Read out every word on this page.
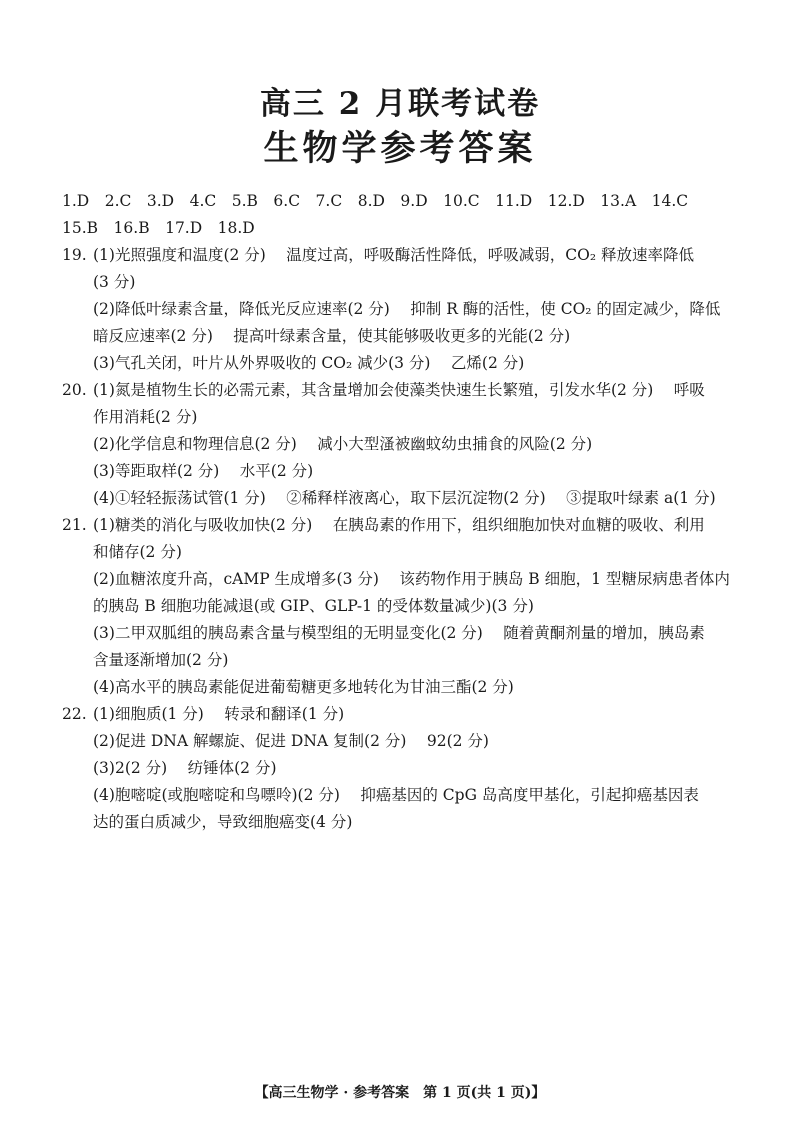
高三 2 月联考试卷
生物学参考答案
1.D　2.C　3.D　4.C　5.B　6.C　7.C　8.D　9.D　10.C　11.D　12.D　13.A　14.C
15.B　16.B　17.D　18.D
19. (1)光照强度和温度(2 分)　 温度过高，呼吸酶活性降低，呼吸减弱，CO₂ 释放速率降低
(3 分)
(2)降低叶绿素含量，降低光反应速率(2 分)　 抑制 R 酶的活性，使 CO₂ 的固定减少，降低
暗反应速率(2 分)　 提高叶绿素含量，使其能够吸收更多的光能(2 分)
(3)气孔关闭，叶片从外界吸收的 CO₂ 减少(3 分)　 乙烯(2 分)
20. (1)氮是植物生长的必需元素，其含量增加会使藻类快速生长繁殖，引发水华(2 分)　 呼吸
作用消耗(2 分)
(2)化学信息和物理信息(2 分)　 减小大型溞被幽蚊幼虫捕食的风险(2 分)
(3)等距取样(2 分)　 水平(2 分)
(4)①轻轻振荡试管(1 分)　 ②稀释样液离心，取下层沉淀物(2 分)　 ③提取叶绿素 a(1 分)
21. (1)糖类的消化与吸收加快(2 分)　 在胰岛素的作用下，组织细胞加快对血糖的吸收、利用
和储存(2 分)
(2)血糖浓度升高，cAMP 生成增多(3 分)　 该药物作用于胰岛 B 细胞，1 型糖尿病患者体内
的胰岛 B 细胞功能减退(或 GIP、GLP-1 的受体数量减少)(3 分)
(3)二甲双胍组的胰岛素含量与模型组的无明显变化(2 分)　 随着黄酮剂量的增加，胰岛素
含量逐渐增加(2 分)
(4)高水平的胰岛素能促进葡萄糖更多地转化为甘油三酯(2 分)
22. (1)细胞质(1 分)　 转录和翻译(1 分)
(2)促进 DNA 解螺旋、促进 DNA 复制(2 分)　 92(2 分)
(3)2(2 分)　 纺锤体(2 分)
(4)胞嘧啶(或胞嘧啶和鸟嘌呤)(2 分)　 抑癌基因的 CpG 岛高度甲基化，引起抑癌基因表
达的蛋白质减少，导致细胞癌变(4 分)
【高三生物学 · 参考答案　第 1 页(共 1 页)】
